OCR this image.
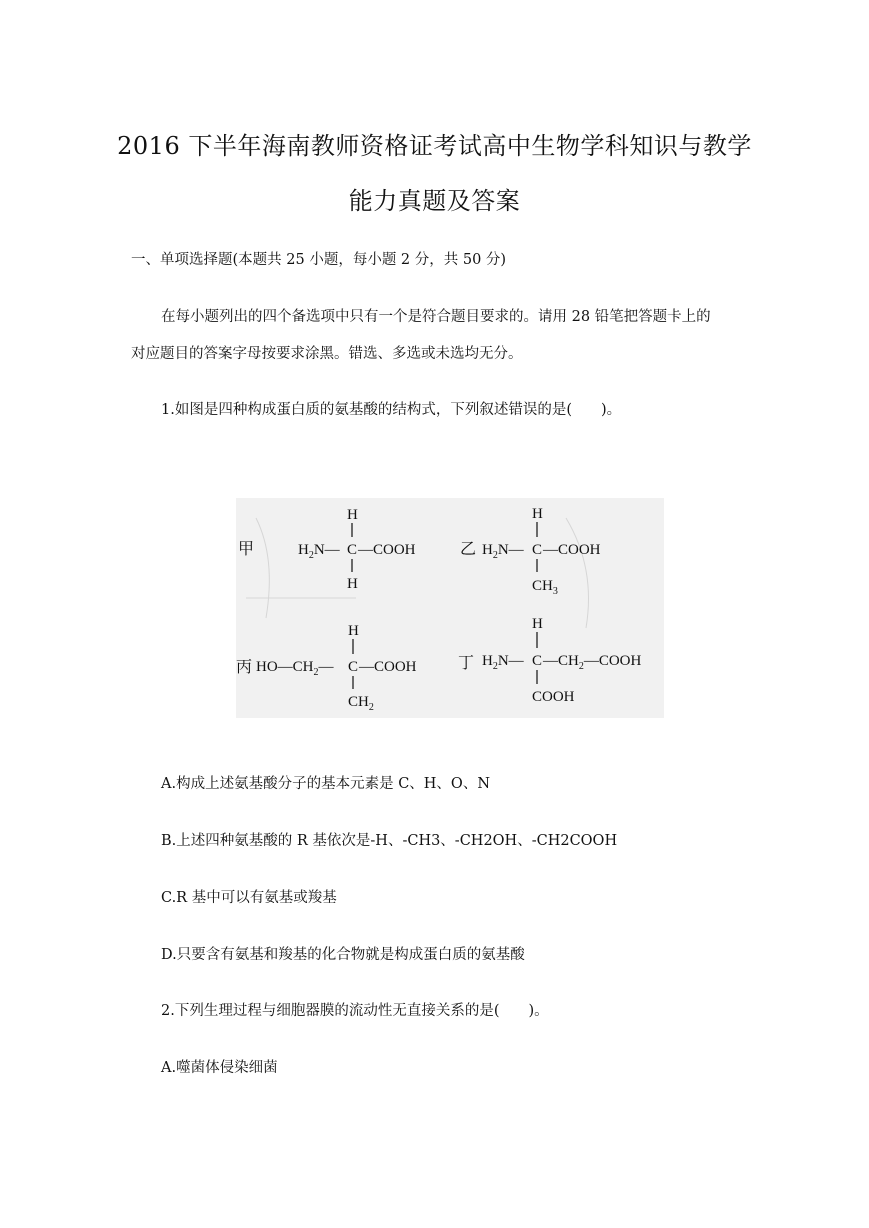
2016 下半年海南教师资格证考试高中生物学科知识与教学
能力真题及答案
一、单项选择题(本题共 25 小题，每小题 2 分，共 50 分)
在每小题列出的四个备选项中只有一个是符合题目要求的。请用 28 铅笔把答题卡上的
对应题目的答案字母按要求涂黑。错选、多选或未选均无分。
1.如图是四种构成蛋白质的氨基酸的结构式，下列叙述错误的是(　　)。
甲
H
$H_2N—$ C —COOH
H
乙
H
$H_2N—$ C —COOH
$CH_3$
丙
H
$HO—CH_2—$ C —COOH
$CH_2$
丁
H
$H_2N—$ C $—CH_2—COOH$
COOH
A.构成上述氨基酸分子的基本元素是 C、H、O、N
B.上述四种氨基酸的 R 基依次是-H、-CH3、-CH2OH、-CH2COOH
C.R 基中可以有氨基或羧基
D.只要含有氨基和羧基的化合物就是构成蛋白质的氨基酸
2.下列生理过程与细胞器膜的流动性无直接关系的是(　　)。
A.噬菌体侵染细菌
